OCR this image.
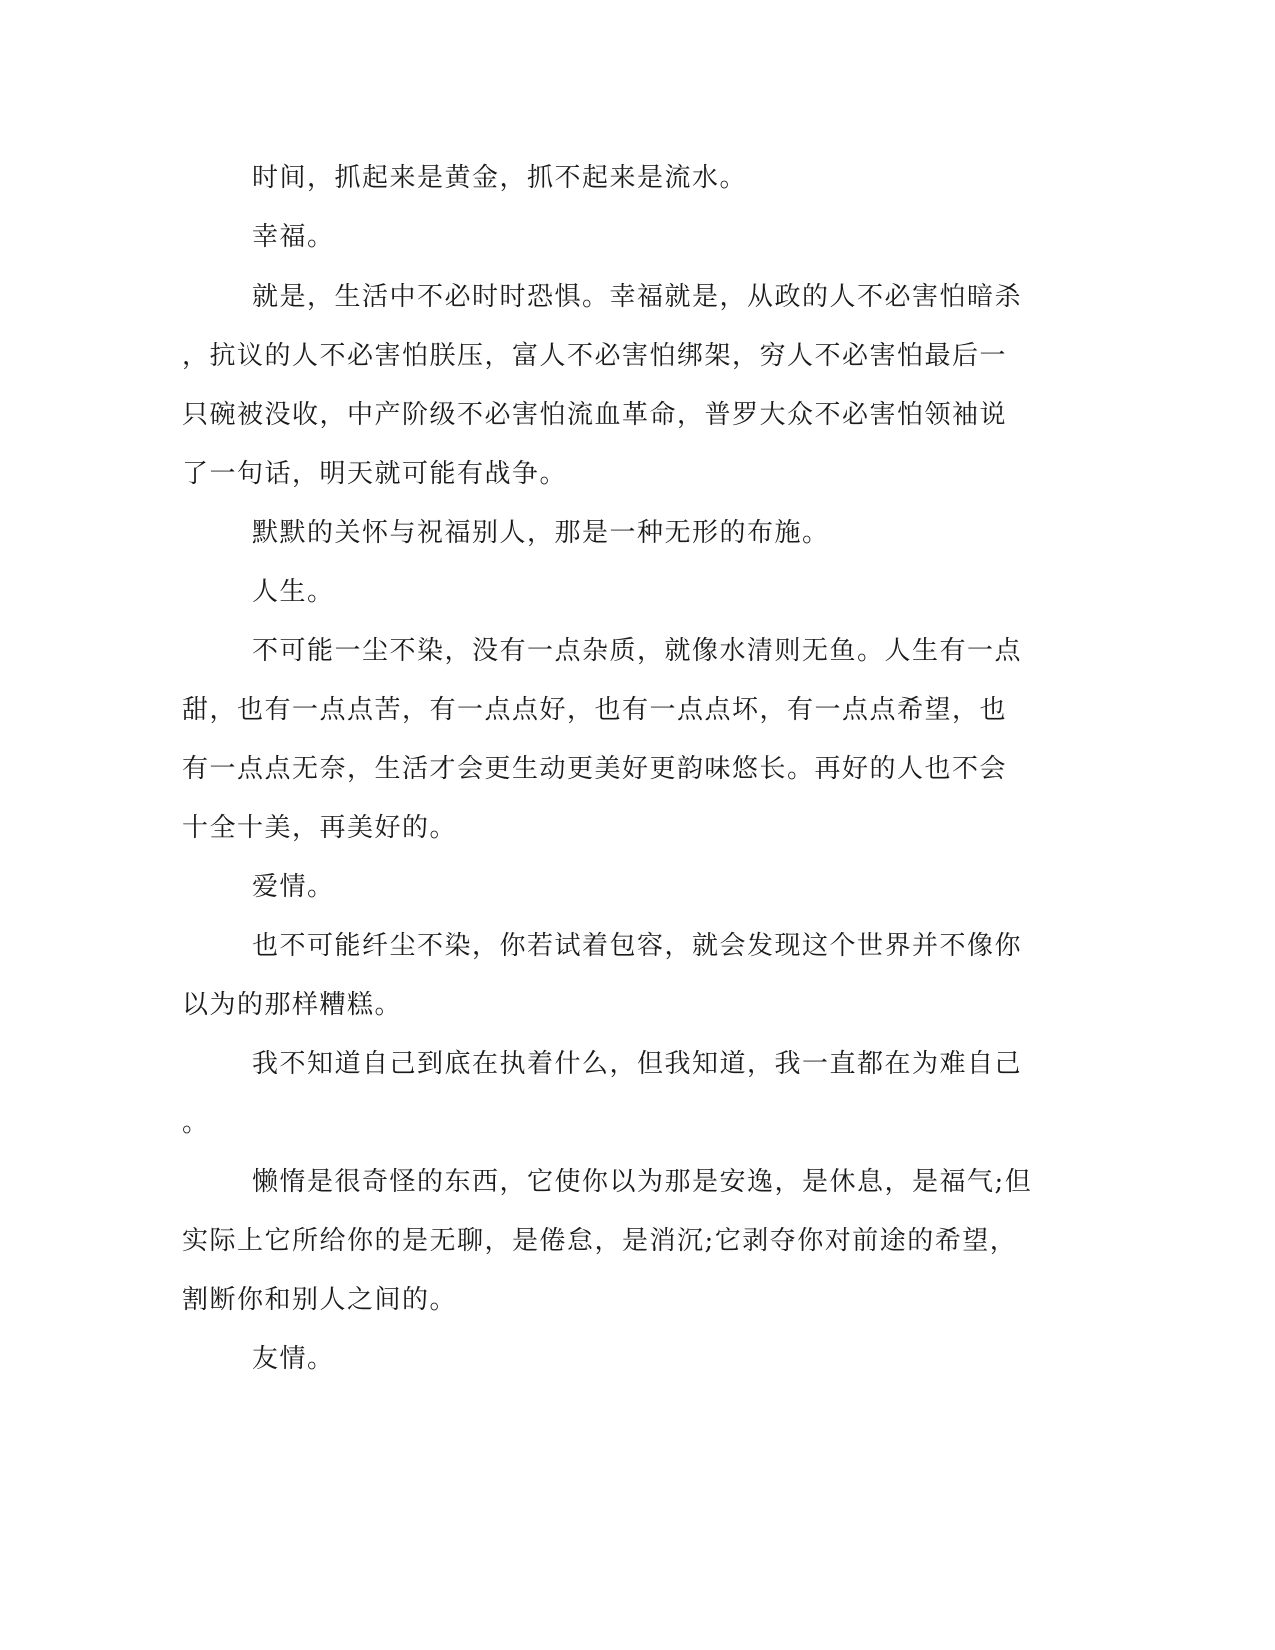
时间，抓起来是黄金，抓不起来是流水。

幸福。

就是，生活中不必时时恐惧。幸福就是，从政的人不必害怕暗杀

，抗议的人不必害怕朕压，富人不必害怕绑架，穷人不必害怕最后一

只碗被没收，中产阶级不必害怕流血革命，普罗大众不必害怕领袖说

了一句话，明天就可能有战争。

默默的关怀与祝福别人，那是一种无形的布施。

人生。

不可能一尘不染，没有一点杂质，就像水清则无鱼。人生有一点

甜，也有一点点苦，有一点点好，也有一点点坏，有一点点希望，也

有一点点无奈，生活才会更生动更美好更韵味悠长。再好的人也不会

十全十美，再美好的。

爱情。

也不可能纤尘不染，你若试着包容，就会发现这个世界并不像你

以为的那样糟糕。

我不知道自己到底在执着什么，但我知道，我一直都在为难自己

。

懒惰是很奇怪的东西，它使你以为那是安逸，是休息，是福气;但

实际上它所给你的是无聊，是倦怠，是消沉;它剥夺你对前途的希望，

割断你和别人之间的。

友情。
